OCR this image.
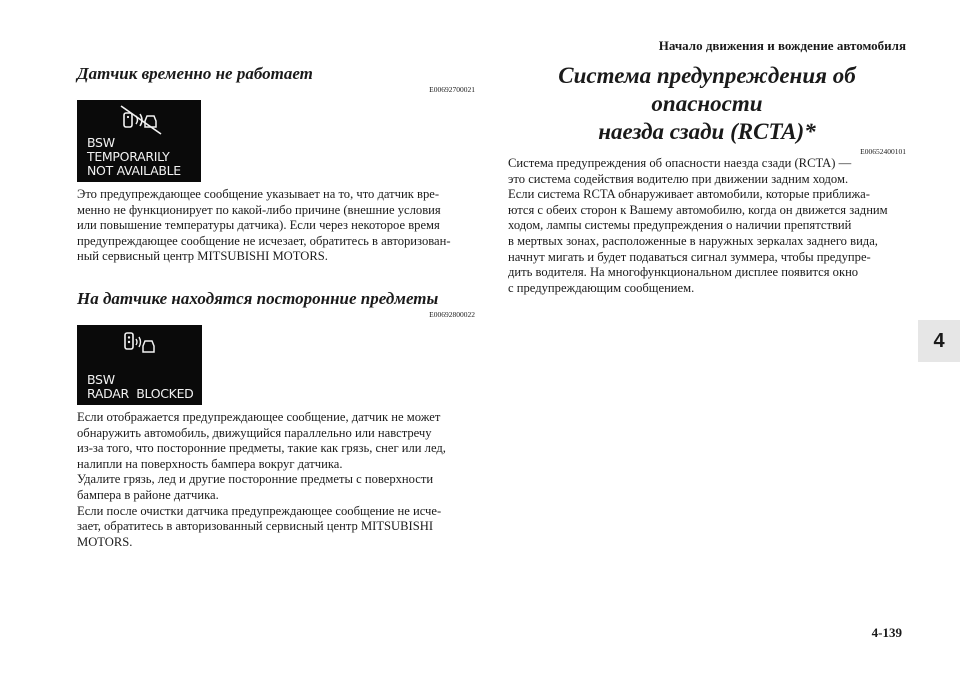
Начало движения и вождение автомобиля
4
4-139
Датчик временно не работает
E00692700021
BSW
TEMPORARILY
NOT AVAILABLE

Это предупреждающее сообщение указывает на то, что датчик вре-
менно не функционирует по какой-либо причине (внешние условия
или повышение температуры датчика). Если через некоторое время
предупреждающее сообщение не исчезает, обратитесь в авторизован-
ный сервисный центр MITSUBISHI MOTORS.

На датчике находятся посторонние предметы
E00692800022
BSW
RADAR  BLOCKED

Если отображается предупреждающее сообщение, датчик не может
обнаружить автомобиль, движущийся параллельно или навстречу
из-за того, что посторонние предметы, такие как грязь, снег или лед,
налипли на поверхность бампера вокруг датчика.

Удалите грязь, лед и другие посторонние предметы с поверхности
бампера в районе датчика.

Если после очистки датчика предупреждающее сообщение не исче-
зает, обратитесь в авторизованный сервисный центр MITSUBISHI
MOTORS.

Система предупреждения об опасности
наезда сзади (RCTA)*
E00652400101

Система предупреждения об опасности наезда сзади (RCTA) —
это система содействия водителю при движении задним ходом.

Если система RCTA обнаруживает автомобили, которые приближа-
ются с обеих сторон к Вашему автомобилю, когда он движется задним
ходом, лампы системы предупреждения о наличии препятствий
в мертвых зонах, расположенные в наружных зеркалах заднего вида,
начнут мигать и будет подаваться сигнал зуммера, чтобы предупре-
дить водителя. На многофункциональном дисплее появится окно
с предупреждающим сообщением.
